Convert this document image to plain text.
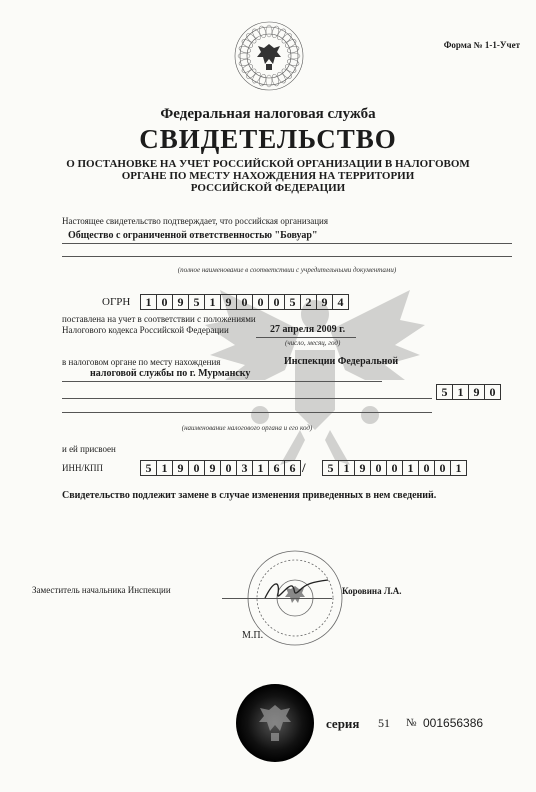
Форма № 1-1-Учет
Федеральная налоговая служба
СВИДЕТЕЛЬСТВО
О ПОСТАНОВКЕ НА УЧЕТ РОССИЙСКОЙ ОРГАНИЗАЦИИ В НАЛОГОВОМ
ОРГАНЕ ПО МЕСТУ НАХОЖДЕНИЯ НА ТЕРРИТОРИИ
РОССИЙСКОЙ ФЕДЕРАЦИИ
Настоящее свидетельство подтверждает, что российская организация
Общество с ограниченной ответственностью "Бовуар"
(полное наименование в соответствии с учредительными документами)
ОГРН	1 0 9 5 1 9 0 0 0 5 2 9 4
поставлена на учет в соответствии с положениями
Налогового кодекса Российской Федерации	27 апреля 2009 г.
(число, месяц, год)
в налоговом органе по месту нахождения	Инспекции Федеральной
налоговой службы по г. Мурманску
5 1 9 0
(наименование налогового органа и его код)
и ей присвоен
ИНН/КПП	5 1 9 0 9 0 3 1 6 6 /	5 1 9 0 0 1 0 0 1
Свидетельство подлежит замене в случае изменения приведенных в нем сведений.
Заместитель начальника Инспекции	Коровина Л.А.
М.П.
серия 51 № 001656386
